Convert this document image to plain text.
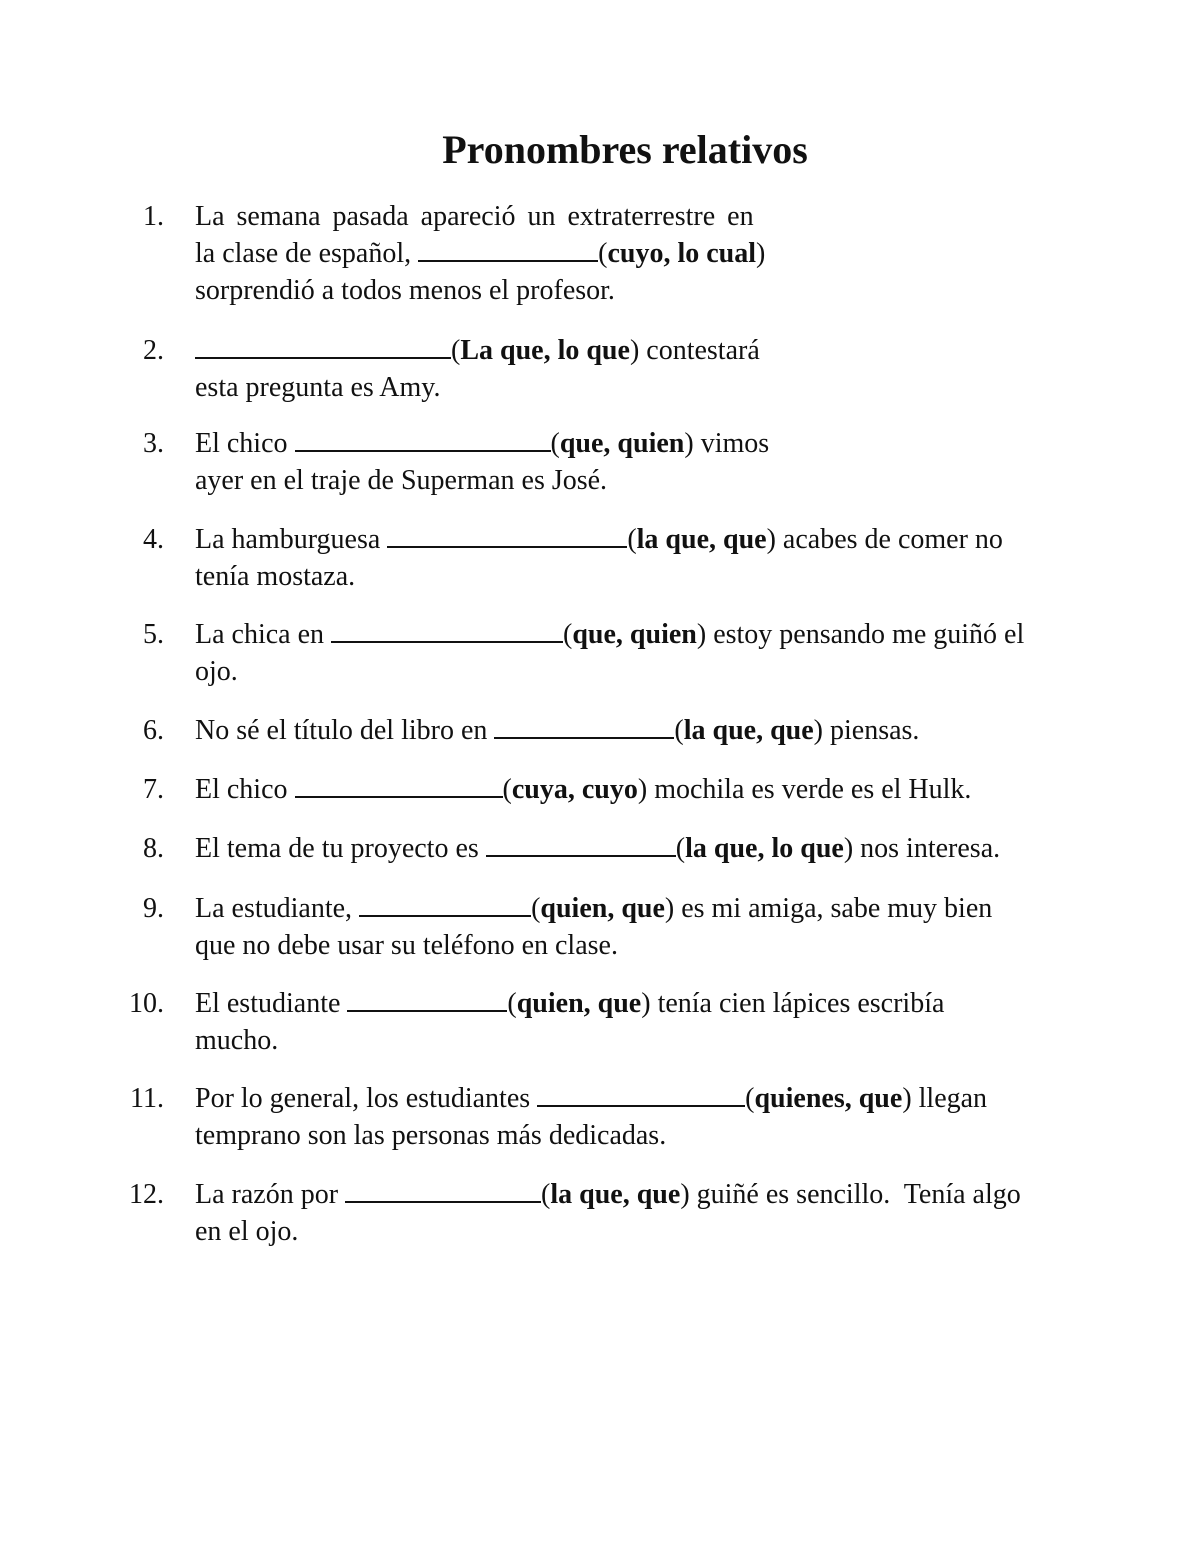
Pronombres relativos
1. La semana pasada apareció un extraterrestre en
la clase de español,	(cuyo, lo cual)
sorprendió a todos menos el profesor.
2.	(La que, lo que) contestará
esta pregunta es Amy.
3. El chico	(que, quien) vimos
ayer en el traje de Superman es José.
4. La hamburguesa	(la que, que) acabes de comer no
tenía mostaza.
5. La chica en	(que, quien) estoy pensando me guiñó el
ojo.
6. No sé el título del libro en	(la que, que) piensas.
7. El chico	(cuya, cuyo) mochila es verde es el Hulk.
8. El tema de tu proyecto es	(la que, lo que) nos interesa.
9. La estudiante,	(quien, que) es mi amiga, sabe muy bien
que no debe usar su teléfono en clase.
10. El estudiante	(quien, que) tenía cien lápices escribía
mucho.
11. Por lo general, los estudiantes	(quienes, que) llegan
temprano son las personas más dedicadas.
12. La razón por	(la que, que) guiñé es sencillo.  Tenía algo
en el ojo.
